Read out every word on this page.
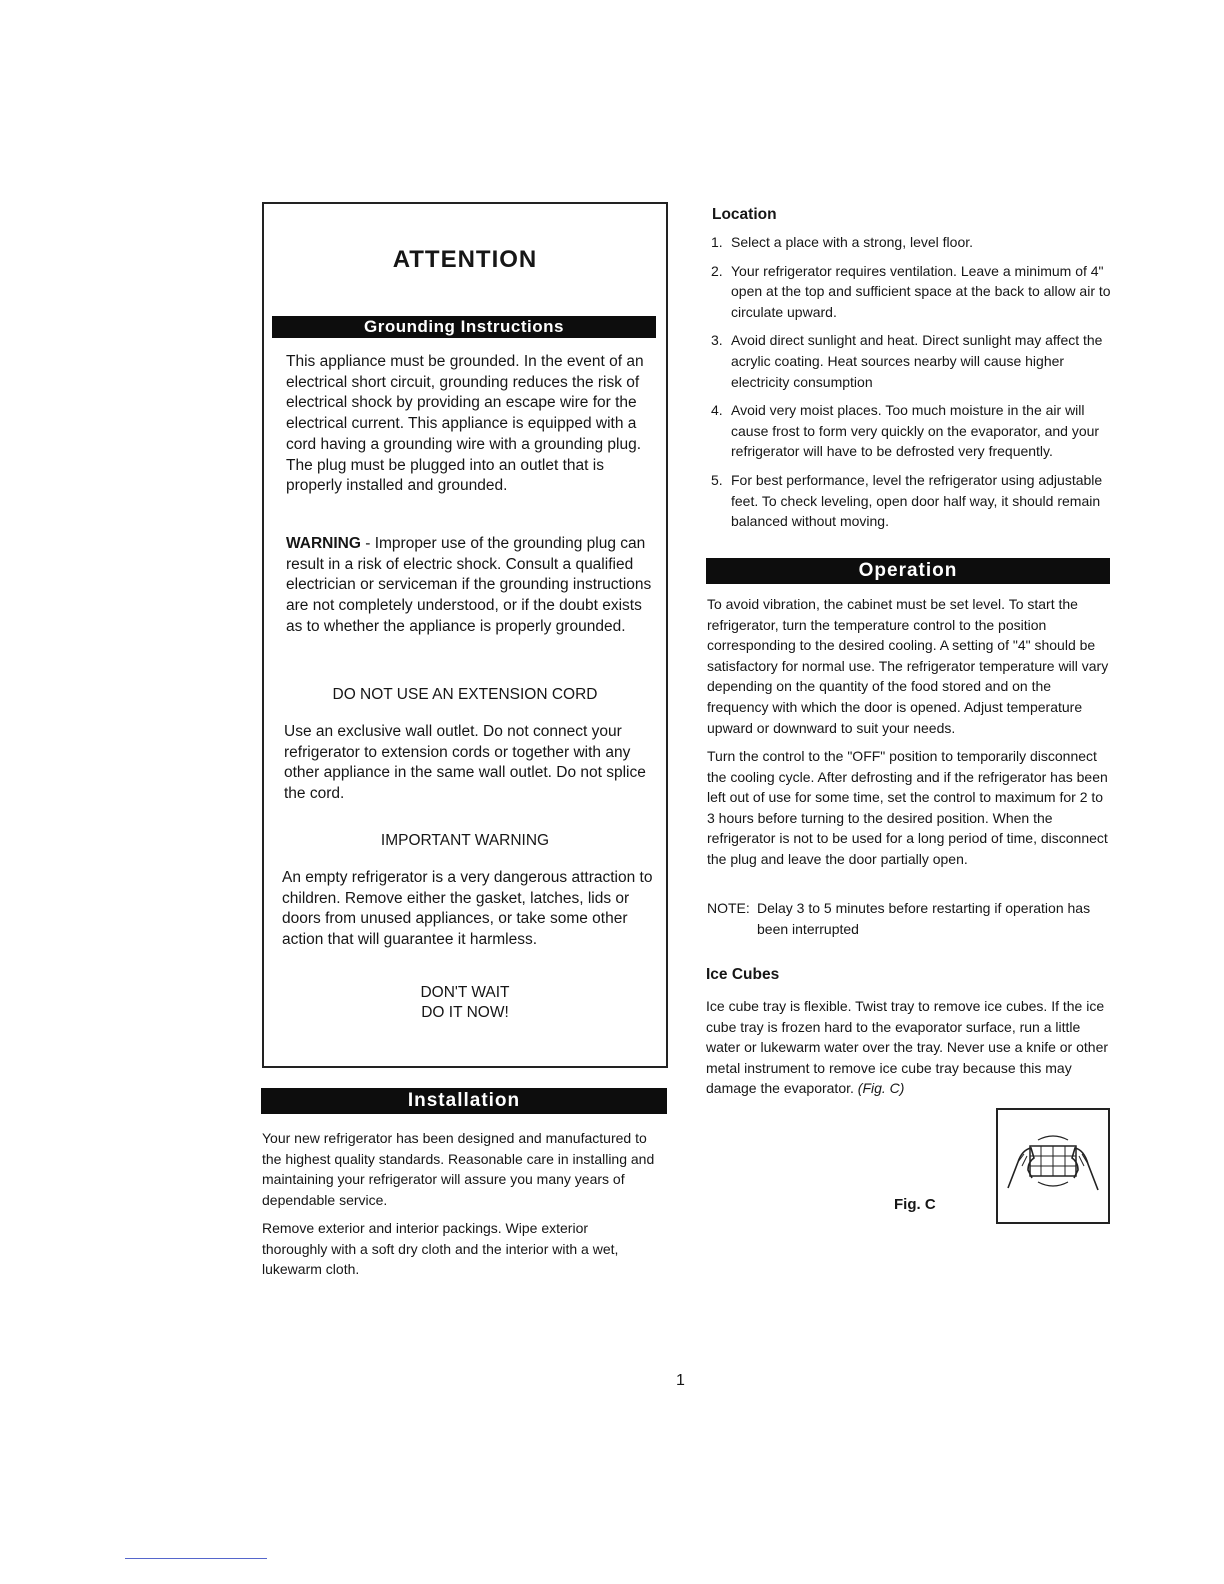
ATTENTION
Grounding Instructions

This appliance must be grounded. In the event of an electrical short circuit, grounding reduces the risk of electrical shock by providing an escape wire for the electrical current. This appliance is equipped with a cord having a grounding wire with a grounding plug. The plug must be plugged into an outlet that is properly installed and grounded.

WARNING - Improper use of the grounding plug can result in a risk of electric shock. Consult a qualified electrician or serviceman if the grounding instructions are not completely understood, or if the doubt exists as to whether the appliance is properly grounded.

DO NOT USE AN EXTENSION CORD

Use an exclusive wall outlet. Do not connect your refrigerator to extension cords or together with any other appliance in the same wall outlet. Do not splice the cord.

IMPORTANT WARNING

An empty refrigerator is a very dangerous attraction to children. Remove either the gasket, latches, lids or doors from unused appliances, or take some other action that will guarantee it harmless.

DON'T WAIT

DO IT NOW!

Installation

Your new refrigerator has been designed and manufactured to the highest quality standards. Reasonable care in installing and maintaining your refrigerator will assure you many years of dependable service.

Remove exterior and interior packings. Wipe exterior thoroughly with a soft dry cloth and the interior with a wet, lukewarm cloth.

Location

1. Select a place with a strong, level floor.
2. Your refrigerator requires ventilation. Leave a minimum of 4" open at the top and sufficient space at the back to allow air to circulate upward.
3. Avoid direct sunlight and heat. Direct sunlight may affect the acrylic coating. Heat sources nearby will cause higher electricity consumption
4. Avoid very moist places. Too much moisture in the air will cause frost to form very quickly on the evaporator, and your refrigerator will have to be defrosted very frequently.
5. For best performance, level the refrigerator using adjustable feet. To check leveling, open door half way, it should remain balanced without moving.
Operation

To avoid vibration, the cabinet must be set level. To start the refrigerator, turn the temperature control to the position corresponding to the desired cooling. A setting of "4" should be satisfactory for normal use. The refrigerator temperature will vary depending on the quantity of the food stored and on the frequency with which the door is opened. Adjust temperature upward or downward to suit your needs.

Turn the control to the "OFF" position to temporarily disconnect the cooling cycle. After defrosting and if the refrigerator has been left out of use for some time, set the control to maximum for 2 to 3 hours before turning to the desired position. When the refrigerator is not to be used for a long period of time, disconnect the plug and leave the door partially open.

NOTE: Delay 3 to 5 minutes before restarting if operation has been interrupted

Ice Cubes

Ice cube tray is flexible. Twist tray to remove ice cubes. If the ice cube tray is frozen hard to the evaporator surface, run a little water or lukewarm water over the tray. Never use a knife or other metal instrument to remove ice cube tray because this may damage the evaporator. (Fig. C)

Fig. C
1
